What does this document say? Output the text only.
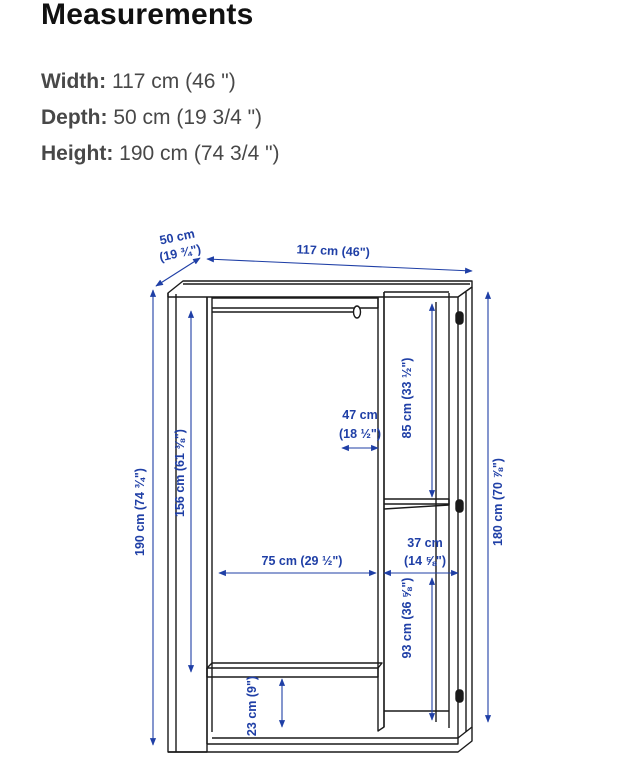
Measurements
Width: 117 cm (46 ")
Depth: 50 cm (19 3/4 ")
Height: 190 cm (74 3/4 ")
50 cm
(19 ¾")	117 cm (46")
190 cm (74 ¾") 156 cm (61 ⅜")	180 cm (70 ⅞")
47 cm
(18 ½") 85 cm (33 ½")
75 cm (29 ½")
37 cm
(14 ⅝")
93 cm (36 ⅝")
23 cm (9")
